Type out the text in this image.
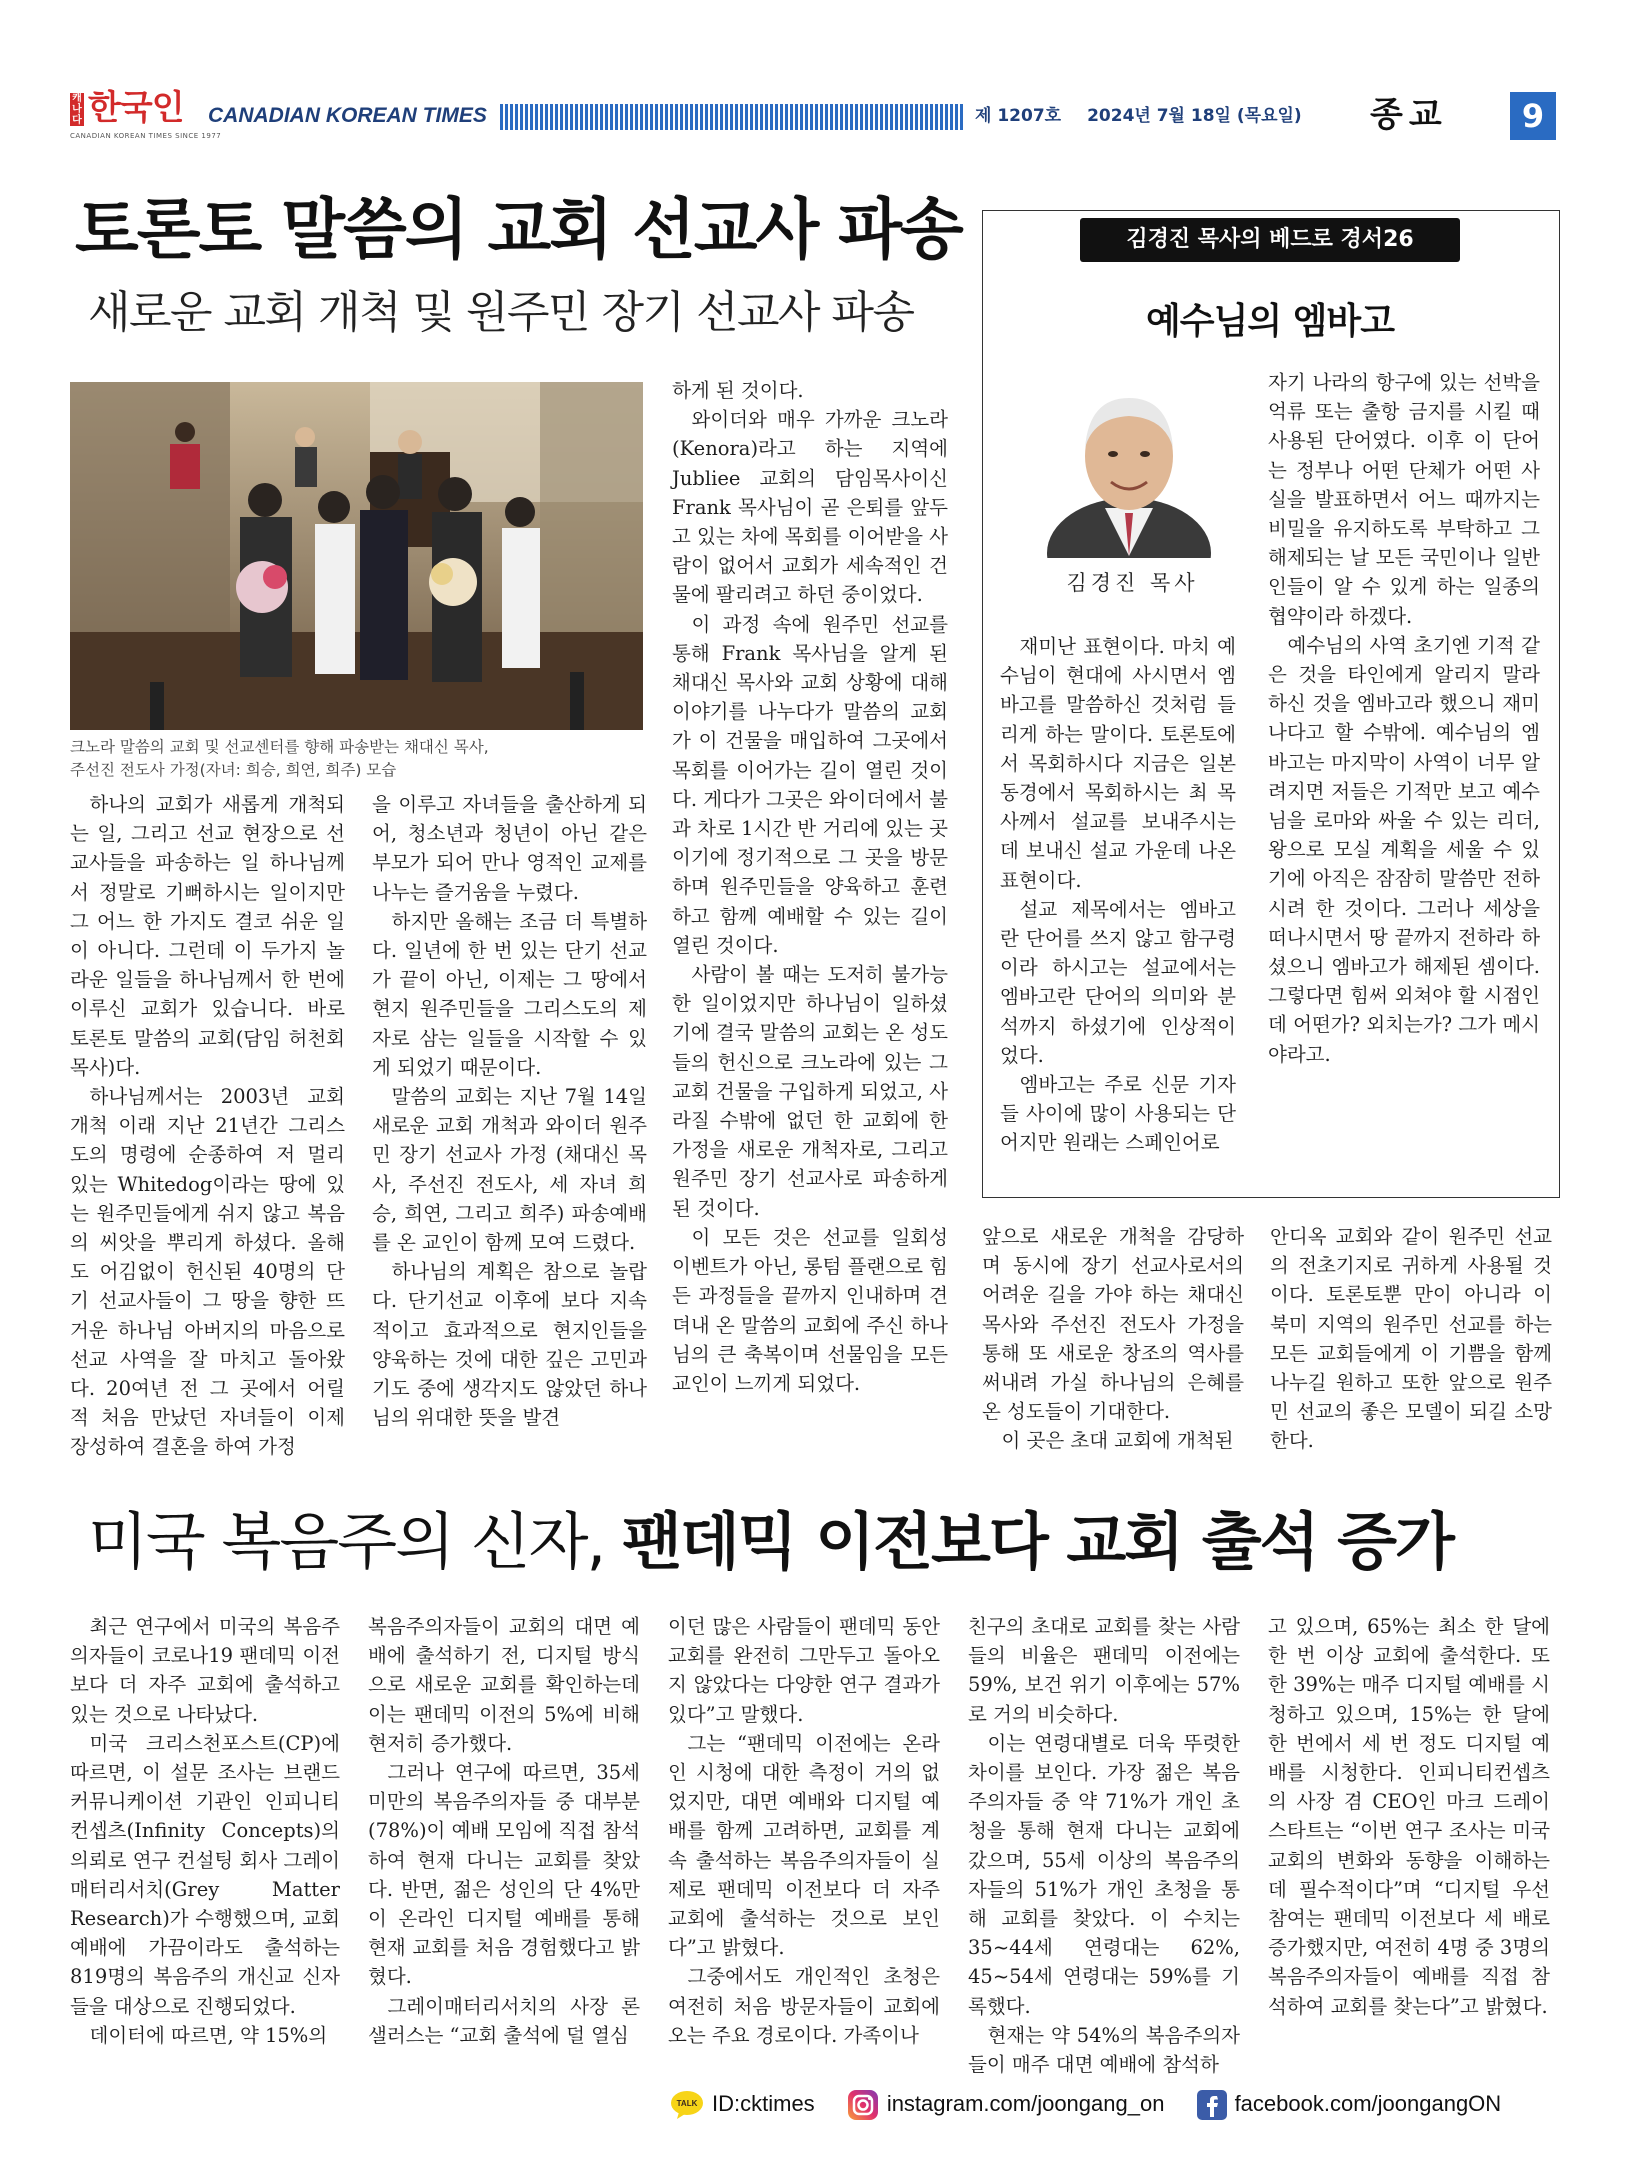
캐나다 한국인
CANADIAN KOREAN TIMES SINCE 1977
CANADIAN KOREAN TIMES	제 1207호 2024년 7월 18일 (목요일)	종교	9
토론토 말씀의 교회 선교사 파송
새로운 교회 개척 및 원주민 장기 선교사 파송
크노라 말씀의 교회 및 선교센터를 향해 파송받는 채대신 목사,
주선진 전도사 가정(자녀: 희승, 희연, 희주) 모습

하나의 교회가 새롭게 개척되는 일, 그리고 선교 현장으로 선교사들을 파송하는 일 하나님께서 정말로 기뻐하시는 일이지만 그 어느 한 가지도 결코 쉬운 일이 아니다. 그런데 이 두가지 놀라운 일들을 하나님께서 한 번에 이루신 교회가 있습니다. 바로 토론토 말씀의 교회(담임 허천회 목사)다.

하나님께서는 2003년 교회 개척 이래 지난 21년간 그리스도의 명령에 순종하여 저 멀리 있는 Whitedog이라는 땅에 있는 원주민들에게 쉬지 않고 복음의 씨앗을 뿌리게 하셨다. 올해도 어김없이 헌신된 40명의 단기 선교사들이 그 땅을 향한 뜨거운 하나님 아버지의 마음으로 선교 사역을 잘 마치고 돌아왔다. 20여년 전 그 곳에서 어릴 적 처음 만났던 자녀들이 이제 장성하여 결혼을 하여 가정

을 이루고 자녀들을 출산하게 되어, 청소년과 청년이 아닌 같은 부모가 되어 만나 영적인 교제를 나누는 즐거움을 누렸다.

하지만 올해는 조금 더 특별하다. 일년에 한 번 있는 단기 선교가 끝이 아닌, 이제는 그 땅에서 현지 원주민들을 그리스도의 제자로 삼는 일들을 시작할 수 있게 되었기 때문이다.

말씀의 교회는 지난 7월 14일 새로운 교회 개척과 와이더 원주민 장기 선교사 가정 (채대신 목사, 주선진 전도사, 세 자녀 희승, 희연, 그리고 희주) 파송예배를 온 교인이 함께 모여 드렸다.

하나님의 계획은 참으로 놀랍다. 단기선교 이후에 보다 지속적이고 효과적으로 현지인들을 양육하는 것에 대한 깊은 고민과 기도 중에 생각지도 않았던 하나님의 위대한 뜻을 발견

하게 된 것이다.

와이더와 매우 가까운 크노라(Kenora)라고 하는 지역에 Jubliee 교회의 담임목사이신 Frank 목사님이 곧 은퇴를 앞두고 있는 차에 목회를 이어받을 사람이 없어서 교회가 세속적인 건물에 팔리려고 하던 중이었다.

이 과정 속에 원주민 선교를 통해 Frank 목사님을 알게 된 채대신 목사와 교회 상황에 대해 이야기를 나누다가 말씀의 교회가 이 건물을 매입하여 그곳에서 목회를 이어가는 길이 열린 것이다. 게다가 그곳은 와이더에서 불과 차로 1시간 반 거리에 있는 곳이기에 정기적으로 그 곳을 방문하며 원주민들을 양육하고 훈련하고 함께 예배할 수 있는 길이 열린 것이다.

사람이 볼 때는 도저히 불가능한 일이었지만 하나님이 일하셨기에 결국 말씀의 교회는 온 성도들의 헌신으로 크노라에 있는 그 교회 건물을 구입하게 되었고, 사라질 수밖에 없던 한 교회에 한 가정을 새로운 개척자로, 그리고 원주민 장기 선교사로 파송하게 된 것이다.

이 모든 것은 선교를 일회성 이벤트가 아닌, 롱텀 플랜으로 힘든 과정들을 끝까지 인내하며 견뎌내 온 말씀의 교회에 주신 하나님의 큰 축복이며 선물임을 모든 교인이 느끼게 되었다.

앞으로 새로운 개척을 감당하며 동시에 장기 선교사로서의 어려운 길을 가야 하는 채대신 목사와 주선진 전도사 가정을 통해 또 새로운 창조의 역사를 써내려 가실 하나님의 은혜를 온 성도들이 기대한다.

이 곳은 초대 교회에 개척된

안디옥 교회와 같이 원주민 선교의 전초기지로 귀하게 사용될 것이다. 토론토뿐 만이 아니라 이 북미 지역의 원주민 선교를 하는 모든 교회들에게 이 기쁨을 함께 나누길 원하고 또한 앞으로 원주민 선교의 좋은 모델이 되길 소망한다.

김경진 목사의 베드로 경서26
예수님의 엠바고
김경진 목사

재미난 표현이다. 마치 예수님이 현대에 사시면서 엠바고를 말씀하신 것처럼 들리게 하는 말이다. 토론토에서 목회하시다 지금은 일본 동경에서 목회하시는 최 목사께서 설교를 보내주시는데 보내신 설교 가운데 나온 표현이다.

설교 제목에서는 엠바고란 단어를 쓰지 않고 함구령이라 하시고는 설교에서는 엠바고란 단어의 의미와 분석까지 하셨기에 인상적이었다.

엠바고는 주로 신문 기자들 사이에 많이 사용되는 단어지만 원래는 스페인어로

자기 나라의 항구에 있는 선박을 억류 또는 출항 금지를 시킬 때 사용된 단어였다. 이후 이 단어는 정부나 어떤 단체가 어떤 사실을 발표하면서 어느 때까지는 비밀을 유지하도록 부탁하고 그 해제되는 날 모든 국민이나 일반인들이 알 수 있게 하는 일종의 협약이라 하겠다.

예수님의 사역 초기엔 기적 같은 것을 타인에게 알리지 말라 하신 것을 엠바고라 했으니 재미나다고 할 수밖에. 예수님의 엠바고는 마지막이 사역이 너무 알려지면 저들은 기적만 보고 예수님을 로마와 싸울 수 있는 리더, 왕으로 모실 계획을 세울 수 있기에 아직은 잠잠히 말씀만 전하시려 한 것이다. 그러나 세상을 떠나시면서 땅 끝까지 전하라 하셨으니 엠바고가 해제된 셈이다. 그렇다면 힘써 외쳐야 할 시점인데 어떤가? 외치는가? 그가 메시야라고.

미국 복음주의 신자, 팬데믹 이전보다 교회 출석 증가

최근 연구에서 미국의 복음주의자들이 코로나19 팬데믹 이전보다 더 자주 교회에 출석하고 있는 것으로 나타났다.

미국 크리스천포스트(CP)에 따르면, 이 설문 조사는 브랜드 커뮤니케이션 기관인 인피니티컨셉츠(Infinity Concepts)의 의뢰로 연구 컨설팅 회사 그레이매터리서치(Grey Matter Research)가 수행했으며, 교회 예배에 가끔이라도 출석하는 819명의 복음주의 개신교 신자들을 대상으로 진행되었다.

데이터에 따르면, 약 15%의

복음주의자들이 교회의 대면 예배에 출석하기 전, 디지털 방식으로 새로운 교회를 확인하는데 이는 팬데믹 이전의 5%에 비해 현저히 증가했다.

그러나 연구에 따르면, 35세 미만의 복음주의자들 중 대부분(78%)이 예배 모임에 직접 참석하여 현재 다니는 교회를 찾았다. 반면, 젊은 성인의 단 4%만이 온라인 디지털 예배를 통해 현재 교회를 처음 경험했다고 밝혔다.

그레이매터리서치의 사장 론 샐러스는 “교회 출석에 덜 열심

이던 많은 사람들이 팬데믹 동안 교회를 완전히 그만두고 돌아오지 않았다는 다양한 연구 결과가 있다”고 말했다.

그는 “팬데믹 이전에는 온라인 시청에 대한 측정이 거의 없었지만, 대면 예배와 디지털 예배를 함께 고려하면, 교회를 계속 출석하는 복음주의자들이 실제로 팬데믹 이전보다 더 자주 교회에 출석하는 것으로 보인다”고 밝혔다.

그중에서도 개인적인 초청은 여전히 처음 방문자들이 교회에 오는 주요 경로이다. 가족이나

친구의 초대로 교회를 찾는 사람들의 비율은 팬데믹 이전에는 59%, 보건 위기 이후에는 57%로 거의 비슷하다.

이는 연령대별로 더욱 뚜렷한 차이를 보인다. 가장 젊은 복음주의자들 중 약 71%가 개인 초청을 통해 현재 다니는 교회에 갔으며, 55세 이상의 복음주의자들의 51%가 개인 초청을 통해 교회를 찾았다. 이 수치는 35~44세 연령대는 62%, 45~54세 연령대는 59%를 기록했다.

현재는 약 54%의 복음주의자들이 매주 대면 예배에 참석하

고 있으며, 65%는 최소 한 달에 한 번 이상 교회에 출석한다. 또한 39%는 매주 디지털 예배를 시청하고 있으며, 15%는 한 달에 한 번에서 세 번 정도 디지털 예배를 시청한다. 인피니티컨셉츠의 사장 겸 CEO인 마크 드레이스타트는 “이번 연구 조사는 미국 교회의 변화와 동향을 이해하는 데 필수적이다”며 “디지털 우선 참여는 팬데믹 이전보다 세 배로 증가했지만, 여전히 4명 중 3명의 복음주의자들이 예배를 직접 참석하여 교회를 찾는다”고 밝혔다.

TALK ID:cktimes	instagram.com/joongang_on	facebook.com/joongangON
